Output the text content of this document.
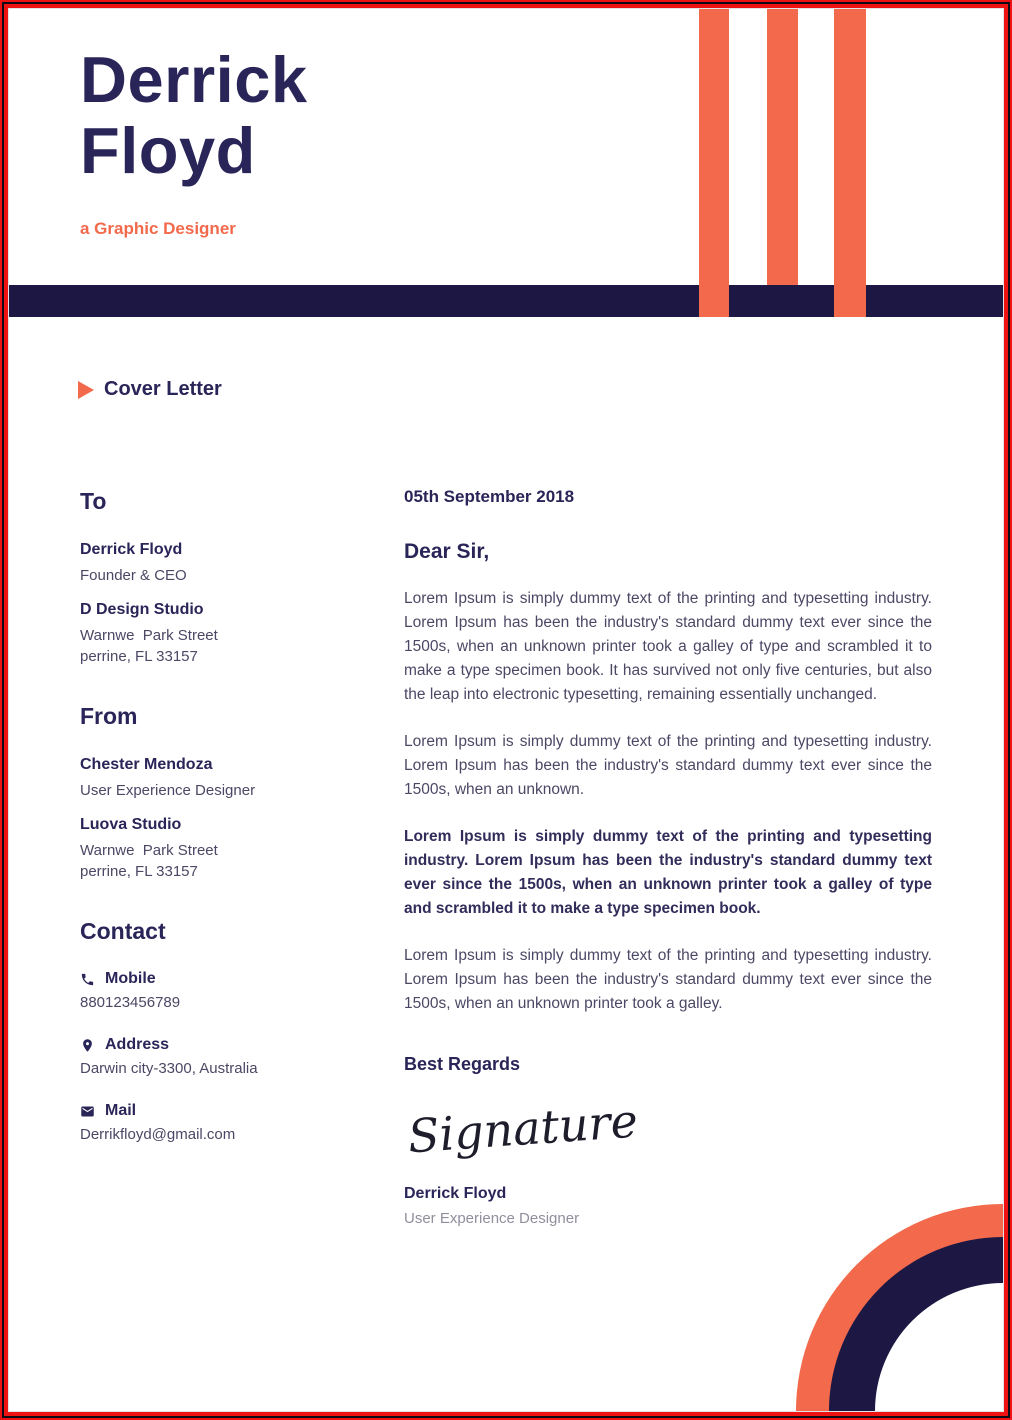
Derrick
Floyd
a Graphic Designer
Cover Letter
To
Derrick Floyd
Founder & CEO
D Design Studio
Warnwe  Park Street
perrine, FL 33157
From
Chester Mendoza
User Experience Designer
Luova Studio
Warnwe  Park Street
perrine, FL 33157
Contact
Mobile
880123456789
Address
Darwin city-3300, Australia
Mail
Derrikfloyd@gmail.com
05th September 2018
Dear Sir,

Lorem Ipsum is simply dummy text of the printing and typesetting industry. Lorem Ipsum has been the industry's standard dummy text ever since the 1500s, when an unknown printer took a galley of type and scrambled it to make a type specimen book. It has survived not only five centuries, but also the leap into electronic typesetting, remaining essentially unchanged.

Lorem Ipsum is simply dummy text of the printing and typesetting industry. Lorem Ipsum has been the industry's standard dummy text ever since the 1500s, when an unknown.

Lorem Ipsum is simply dummy text of the printing and typesetting industry. Lorem Ipsum has been the industry's standard dummy text ever since the 1500s, when an unknown printer took a galley of type and scrambled it to make a type specimen book.

Lorem Ipsum is simply dummy text of the printing and typesetting industry. Lorem Ipsum has been the industry's standard dummy text ever since the 1500s, when an unknown printer took a galley.

Best Regards
Signature
Derrick Floyd
User Experience Designer
